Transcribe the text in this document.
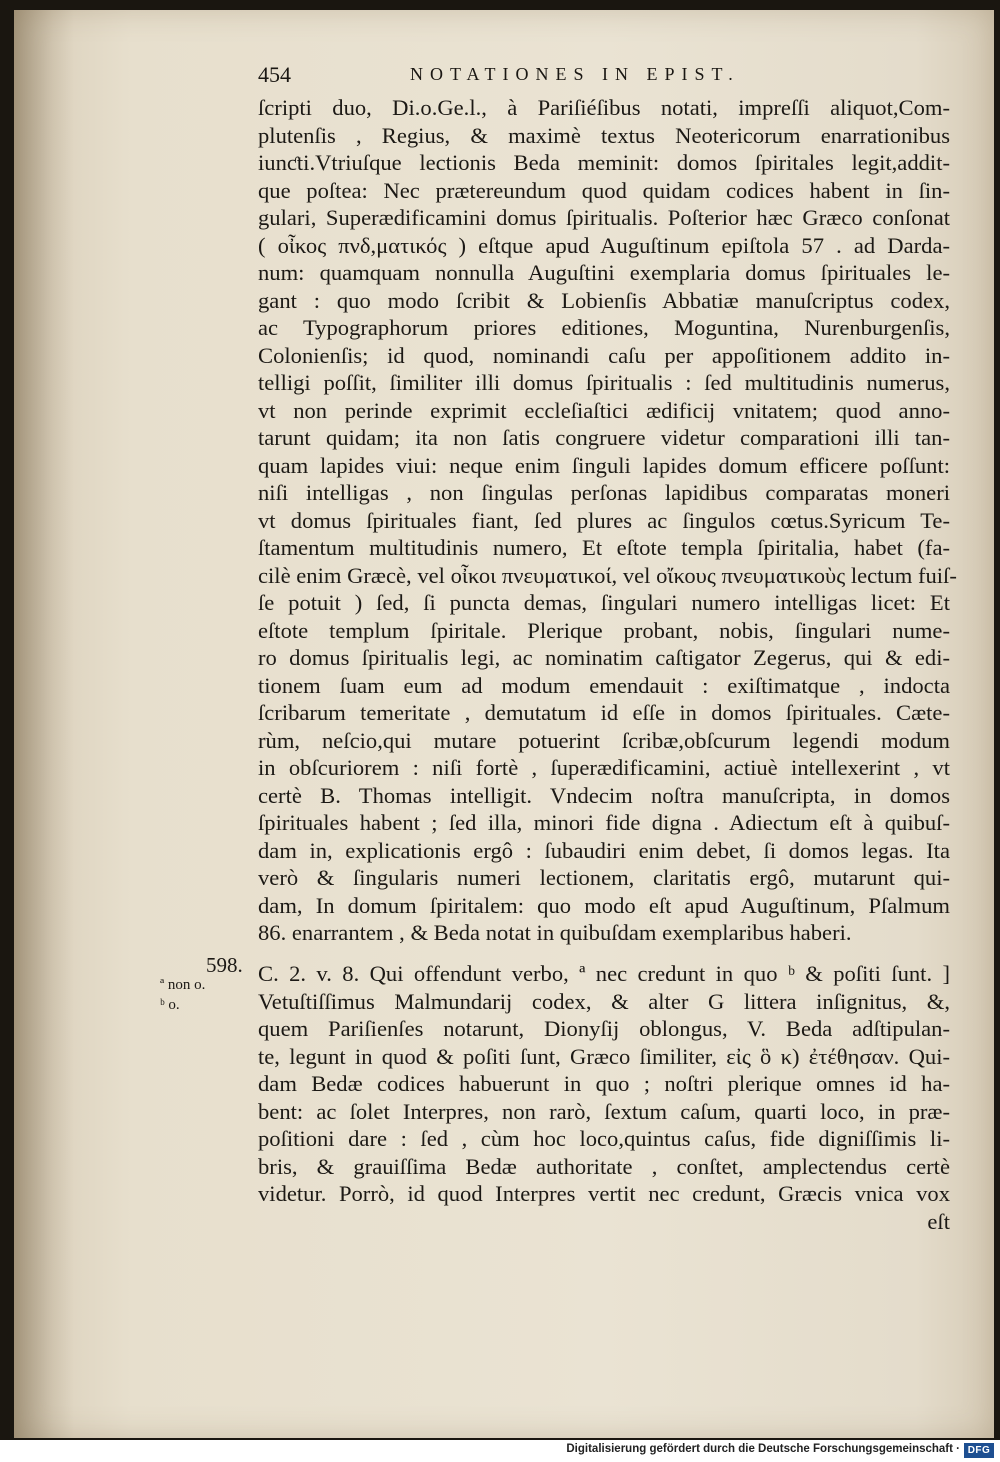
454	NOTATIONES IN EPIST.
ſcripti duo, Di.o.Ge.l., à Pariſiéſibus notati, impreſſi aliquot,Com-
plutenſis , Regius, & maximè textus Neotericorum enarrationibus
iunƈti.Vtriuſque lectionis Beda meminit: domos ſpiritales legit,addit-
que poſtea: Nec prætereundum quod quidam codices habent in ſin-
gulari, Superædificamini domus ſpiritualis. Poſterior hæc Græco conſonat
( οἶκος πνδ,ματικός ) eſtque apud Auguſtinum epiſtola 57 . ad Dardа-
num: quamquam nonnulla Auguſtini exemplaria domus ſpirituales le-
gant : quo modo ſcribit & Lobienſis Abbatiæ manuſcriptus codex,
ac Typographorum priores editiones, Moguntina, Nurenburgenſis,
Colonienſis; id quod, nominandi caſu per appoſitionem addito in-
telligi poſſit, ſimiliter illi domus ſpiritualis : ſed multitudinis numerus,
vt non perinde exprimit eccleſiaſtici ædificij vnitatem; quod anno-
tarunt quidam; ita non ſatis congruere videtur comparationi illi tan-
quam lapides viui: neque enim ſinguli lapides domum efficere poſſunt:
niſi intelligas , non ſingulas perſonas lapidibus comparatas moneri
vt domus ſpirituales fiant, ſed plures ac ſingulos cœtus.Syricum Te-
ſtamentum multitudinis numero, Et eſtote templa ſpiritalia, habet (fa-
cilè enim Græcè, vel οἶκοι πνευματικοί, vel οἴκους πνευματικοὺς lectum fuiſ-
ſe potuit ) ſed, ſi puncta demas, ſingulari numero intelligas licet: Et
eſtote templum ſpiritale. Plerique probant, nobis, ſingulari nume-
ro domus ſpiritualis legi, ac nominatim caſtigator Zegerus, qui & edi-
tionem ſuam eum ad modum emendauit : exiſtimatque , indocta
ſcribarum temeritate , demutatum id eſſe in domos ſpirituales. Cæte-
rùm, neſcio,qui mutare potuerint ſcribæ,obſcurum legendi modum
in obſcuriorem : niſi fortè , ſuperædificamini, actiuè intellexerint , vt
certè B. Thomas intelligit. Vndecim noſtra manuſcripta, in domos
ſpirituales habent ; ſed illa, minori fide digna . Adiectum eſt à quibuſ-
dam in, explicationis ergô : ſubaudiri enim debet, ſi domos legas. Ita
verò & ſingularis numeri lectionem, claritatis ergô, mutarunt qui-
dam, In domum ſpiritalem: quo modo eſt apud Auguſtinum, Pſalmum
86. enarrantem , & Beda notat in quibuſdam exemplaribus haberi.
598.
ª non o.
ᵇ o.
C. 2. v. 8. Qui offendunt verbo, ª nec credunt in quo ᵇ & poſiti ſunt. ]
Vetuſtiſſimus Malmundarij codex, & alter G littera inſignitus, &,
quem Pariſienſes notarunt, Dionyſij oblongus, V. Beda adſtipulan-
te, legunt in quod & poſiti ſunt, Græco ſimiliter, εἰς ὃ κ) ἐτέθησαν. Qui-
dam Bedæ codices habuerunt in quo ; noſtri plerique omnes id ha-
bent: ac ſolet Interpres, non rarò, ſextum caſum, quarti loco, in præ-
poſitioni dare : ſed , cùm hoc loco,quintus caſus, fide digniſſimis li-
bris, & grauiſſima Bedæ authoritate , conſtet, amplectendus certè
videtur. Porrò, id quod Interpres vertit nec credunt, Græcis vnica vox
eſt
Digitalisierung gefördert durch die Deutsche Forschungsgemeinschaft · DFG
